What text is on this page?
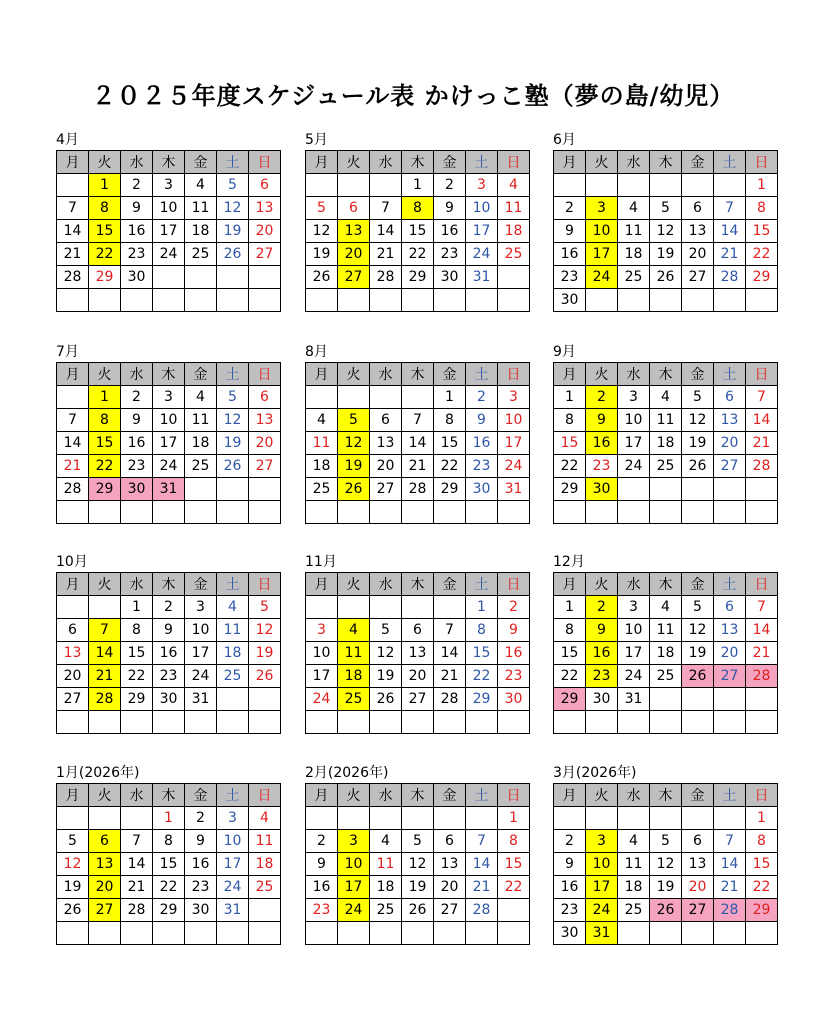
２０２５年度スケジュール表 かけっこ塾（夢の島/幼児）
4月
月	火	水	木	金	土	日
	1	2	3	4	5	6
7	8	9	10	11	12	13
14	15	16	17	18	19	20
21	22	23	24	25	26	27
28	29	30				

5月
月	火	水	木	金	土	日
			1	2	3	4
5	6	7	8	9	10	11
12	13	14	15	16	17	18
19	20	21	22	23	24	25
26	27	28	29	30	31	

6月
月	火	水	木	金	土	日
						1
2	3	4	5	6	7	8
9	10	11	12	13	14	15
16	17	18	19	20	21	22
23	24	25	26	27	28	29
30						
7月
月	火	水	木	金	土	日
	1	2	3	4	5	6
7	8	9	10	11	12	13
14	15	16	17	18	19	20
21	22	23	24	25	26	27
28	29	30	31			

8月
月	火	水	木	金	土	日
				1	2	3
4	5	6	7	8	9	10
11	12	13	14	15	16	17
18	19	20	21	22	23	24
25	26	27	28	29	30	31

9月
月	火	水	木	金	土	日
1	2	3	4	5	6	7
8	9	10	11	12	13	14
15	16	17	18	19	20	21
22	23	24	25	26	27	28
29	30					

10月
月	火	水	木	金	土	日
		1	2	3	4	5
6	7	8	9	10	11	12
13	14	15	16	17	18	19
20	21	22	23	24	25	26
27	28	29	30	31		

11月
月	火	水	木	金	土	日
					1	2
3	4	5	6	7	8	9
10	11	12	13	14	15	16
17	18	19	20	21	22	23
24	25	26	27	28	29	30

12月
月	火	水	木	金	土	日
1	2	3	4	5	6	7
8	9	10	11	12	13	14
15	16	17	18	19	20	21
22	23	24	25	26	27	28
29	30	31				

1月(2026年)
月	火	水	木	金	土	日
			1	2	3	4
5	6	7	8	9	10	11
12	13	14	15	16	17	18
19	20	21	22	23	24	25
26	27	28	29	30	31	

2月(2026年)
月	火	水	木	金	土	日
						1
2	3	4	5	6	7	8
9	10	11	12	13	14	15
16	17	18	19	20	21	22
23	24	25	26	27	28	

3月(2026年)
月	火	水	木	金	土	日
						1
2	3	4	5	6	7	8
9	10	11	12	13	14	15
16	17	18	19	20	21	22
23	24	25	26	27	28	29
30	31					
